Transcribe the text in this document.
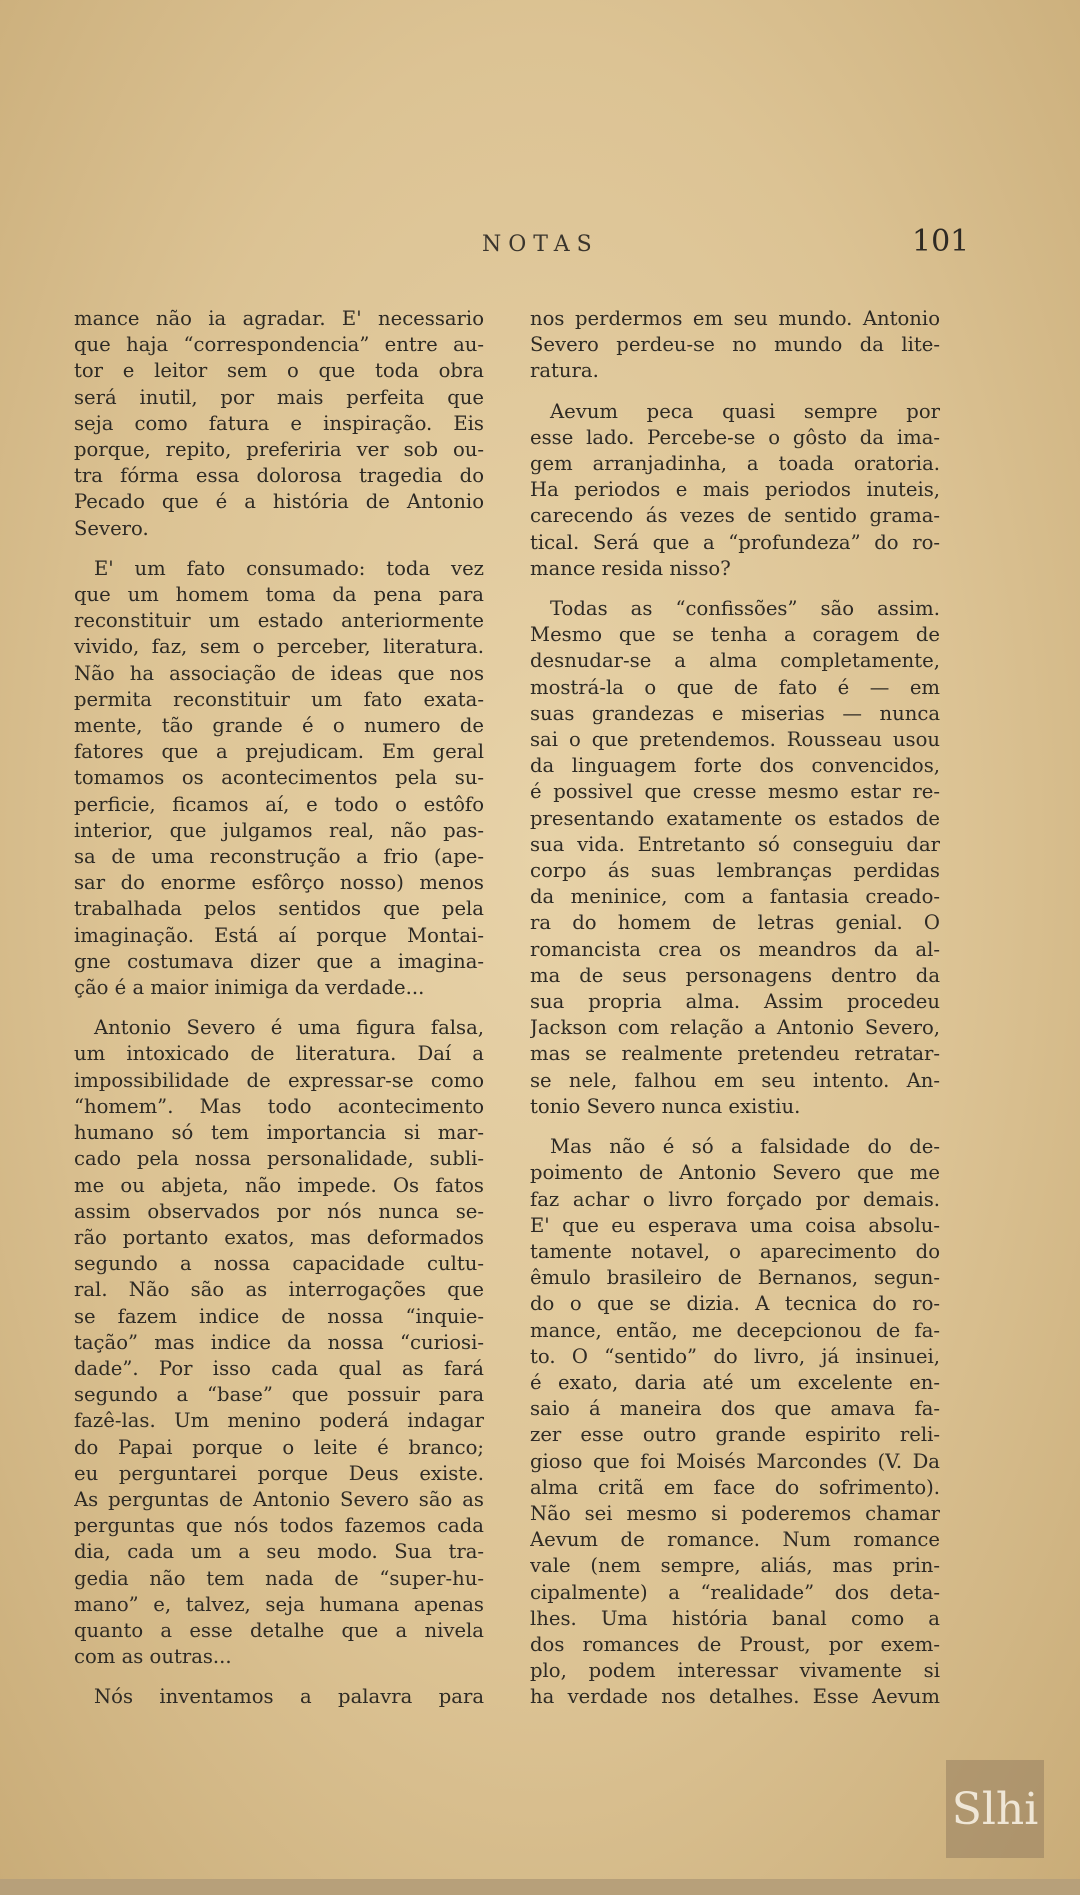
NOTAS	101
mance não ia agradar. E' necessario
que haja “correspondencia” entre au-
tor e leitor sem o que toda obra
será inutil, por mais perfeita que
seja como fatura e inspiração. Eis
porque, repito, preferiria ver sob ou-
tra fórma essa dolorosa tragedia do
Pecado que é a história de Antonio
Severo.
E' um fato consumado: toda vez
que um homem toma da pena para
reconstituir um estado anteriormente
vivido, faz, sem o perceber, literatura.
Não ha associação de ideas que nos
permita reconstituir um fato exata-
mente, tão grande é o numero de
fatores que a prejudicam. Em geral
tomamos os acontecimentos pela su-
perficie, ficamos aí, e todo o estôfo
interior, que julgamos real, não pas-
sa de uma reconstrução a frio (ape-
sar do enorme esfôrço nosso) menos
trabalhada pelos sentidos que pela
imaginação. Está aí porque Montai-
gne costumava dizer que a imagina-
ção é a maior inimiga da verdade...
Antonio Severo é uma figura falsa,
um intoxicado de literatura. Daí a
impossibilidade de expressar-se como
“homem”. Mas todo acontecimento
humano só tem importancia si mar-
cado pela nossa personalidade, subli-
me ou abjeta, não impede. Os fatos
assim observados por nós nunca se-
rão portanto exatos, mas deformados
segundo a nossa capacidade cultu-
ral. Não são as interrogações que
se fazem indice de nossa “inquie-
tação” mas indice da nossa “curiosi-
dade”. Por isso cada qual as fará
segundo a “base” que possuir para
fazê-las. Um menino poderá indagar
do Papai porque o leite é branco;
eu perguntarei porque Deus existe.
As perguntas de Antonio Severo são as
perguntas que nós todos fazemos cada
dia, cada um a seu modo. Sua tra-
gedia não tem nada de “super-hu-
mano” e, talvez, seja humana apenas
quanto a esse detalhe que a nivela
com as outras...
Nós inventamos a palavra para
nos perdermos em seu mundo. Antonio
Severo perdeu-se no mundo da lite-
ratura.
Aevum peca quasi sempre por
esse lado. Percebe-se o gôsto da ima-
gem arranjadinha, a toada oratoria.
Ha periodos e mais periodos inuteis,
carecendo ás vezes de sentido grama-
tical. Será que a “profundeza” do ro-
mance resida nisso?
Todas as “confissões” são assim.
Mesmo que se tenha a coragem de
desnudar-se a alma completamente,
mostrá-la o que de fato é — em
suas grandezas e miserias — nunca
sai o que pretendemos. Rousseau usou
da linguagem forte dos convencidos,
é possivel que cresse mesmo estar re-
presentando exatamente os estados de
sua vida. Entretanto só conseguiu dar
corpo ás suas lembranças perdidas
da meninice, com a fantasia creado-
ra do homem de letras genial. O
romancista crea os meandros da al-
ma de seus personagens dentro da
sua propria alma. Assim procedeu
Jackson com relação a Antonio Severo,
mas se realmente pretendeu retratar-
se nele, falhou em seu intento. An-
tonio Severo nunca existiu.
Mas não é só a falsidade do de-
poimento de Antonio Severo que me
faz achar o livro forçado por demais.
E' que eu esperava uma coisa absolu-
tamente notavel, o aparecimento do
êmulo brasileiro de Bernanos, segun-
do o que se dizia. A tecnica do ro-
mance, então, me decepcionou de fa-
to. O “sentido” do livro, já insinuei,
é exato, daria até um excelente en-
saio á maneira dos que amava fa-
zer esse outro grande espirito reli-
gioso que foi Moisés Marcondes (V. Da
alma critã em face do sofrimento).
Não sei mesmo si poderemos chamar
Aevum de romance. Num romance
vale (nem sempre, aliás, mas prin-
cipalmente) a “realidade” dos deta-
lhes. Uma história banal como a
dos romances de Proust, por exem-
plo, podem interessar vivamente si
ha verdade nos detalhes. Esse Aevum
Slhi
